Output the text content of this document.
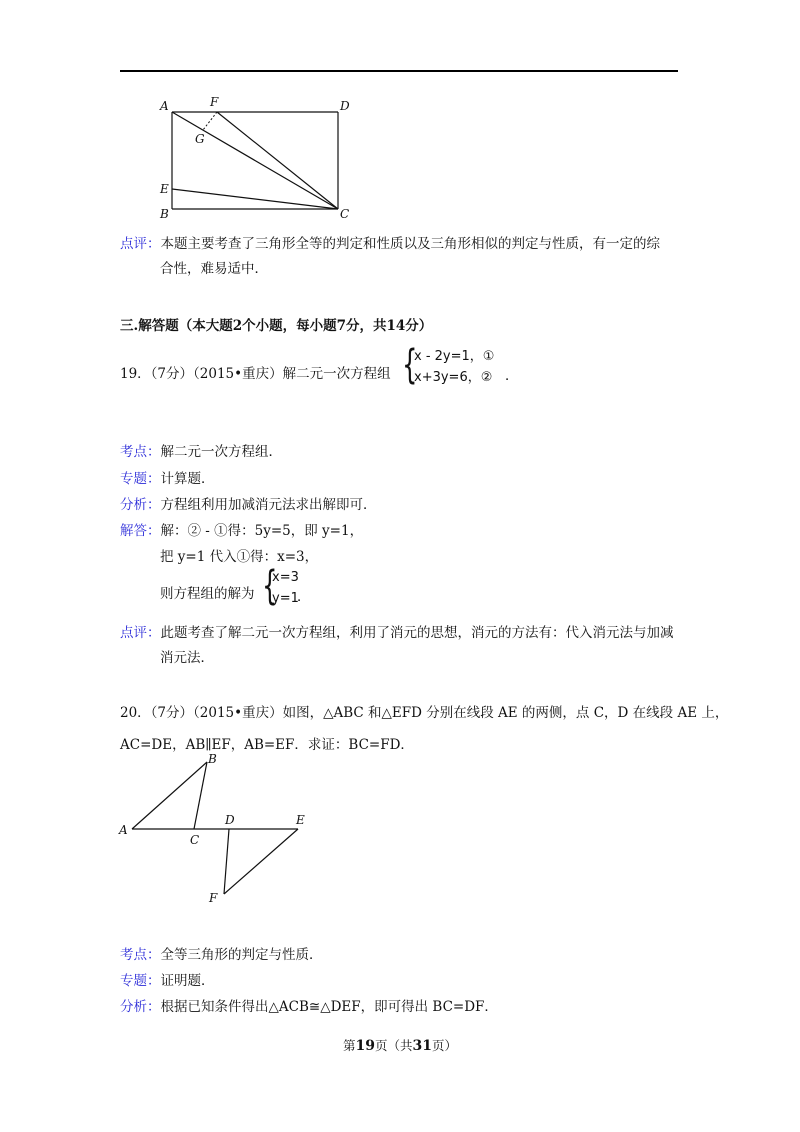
A	F	D
G
E
B	C
点评：本题主要考查了三角形全等的判定和性质以及三角形相似的判定与性质，有一定的综
合性，难易适中．
三.解答题（本大题2个小题，每小题7分，共14分）
19．（7分）（2015•重庆）解二元一次方程组 {
x - 2y=1，①
x+3y=6，② ．
考点：解二元一次方程组．
专题：计算题．
分析：方程组利用加减消元法求出解即可．
解答：解：② - ①得：5y=5，即 y=1，
把 y=1 代入①得：x=3，
则方程组的解为 {
x=3
y=1
．
点评：此题考查了解二元一次方程组，利用了消元的思想，消元的方法有：代入消元法与加减
消元法．
20．（7分）（2015•重庆）如图，△ABC 和△EFD 分别在线段 AE 的两侧，点 C，D 在线段 AE 上，
AC=DE，AB∥EF，AB=EF．求证：BC=FD．
A
B
C
D	E
F
考点：全等三角形的判定与性质．
专题：证明题．
分析：根据已知条件得出△ACB≅△DEF，即可得出 BC=DF．
第19页（共31页）
